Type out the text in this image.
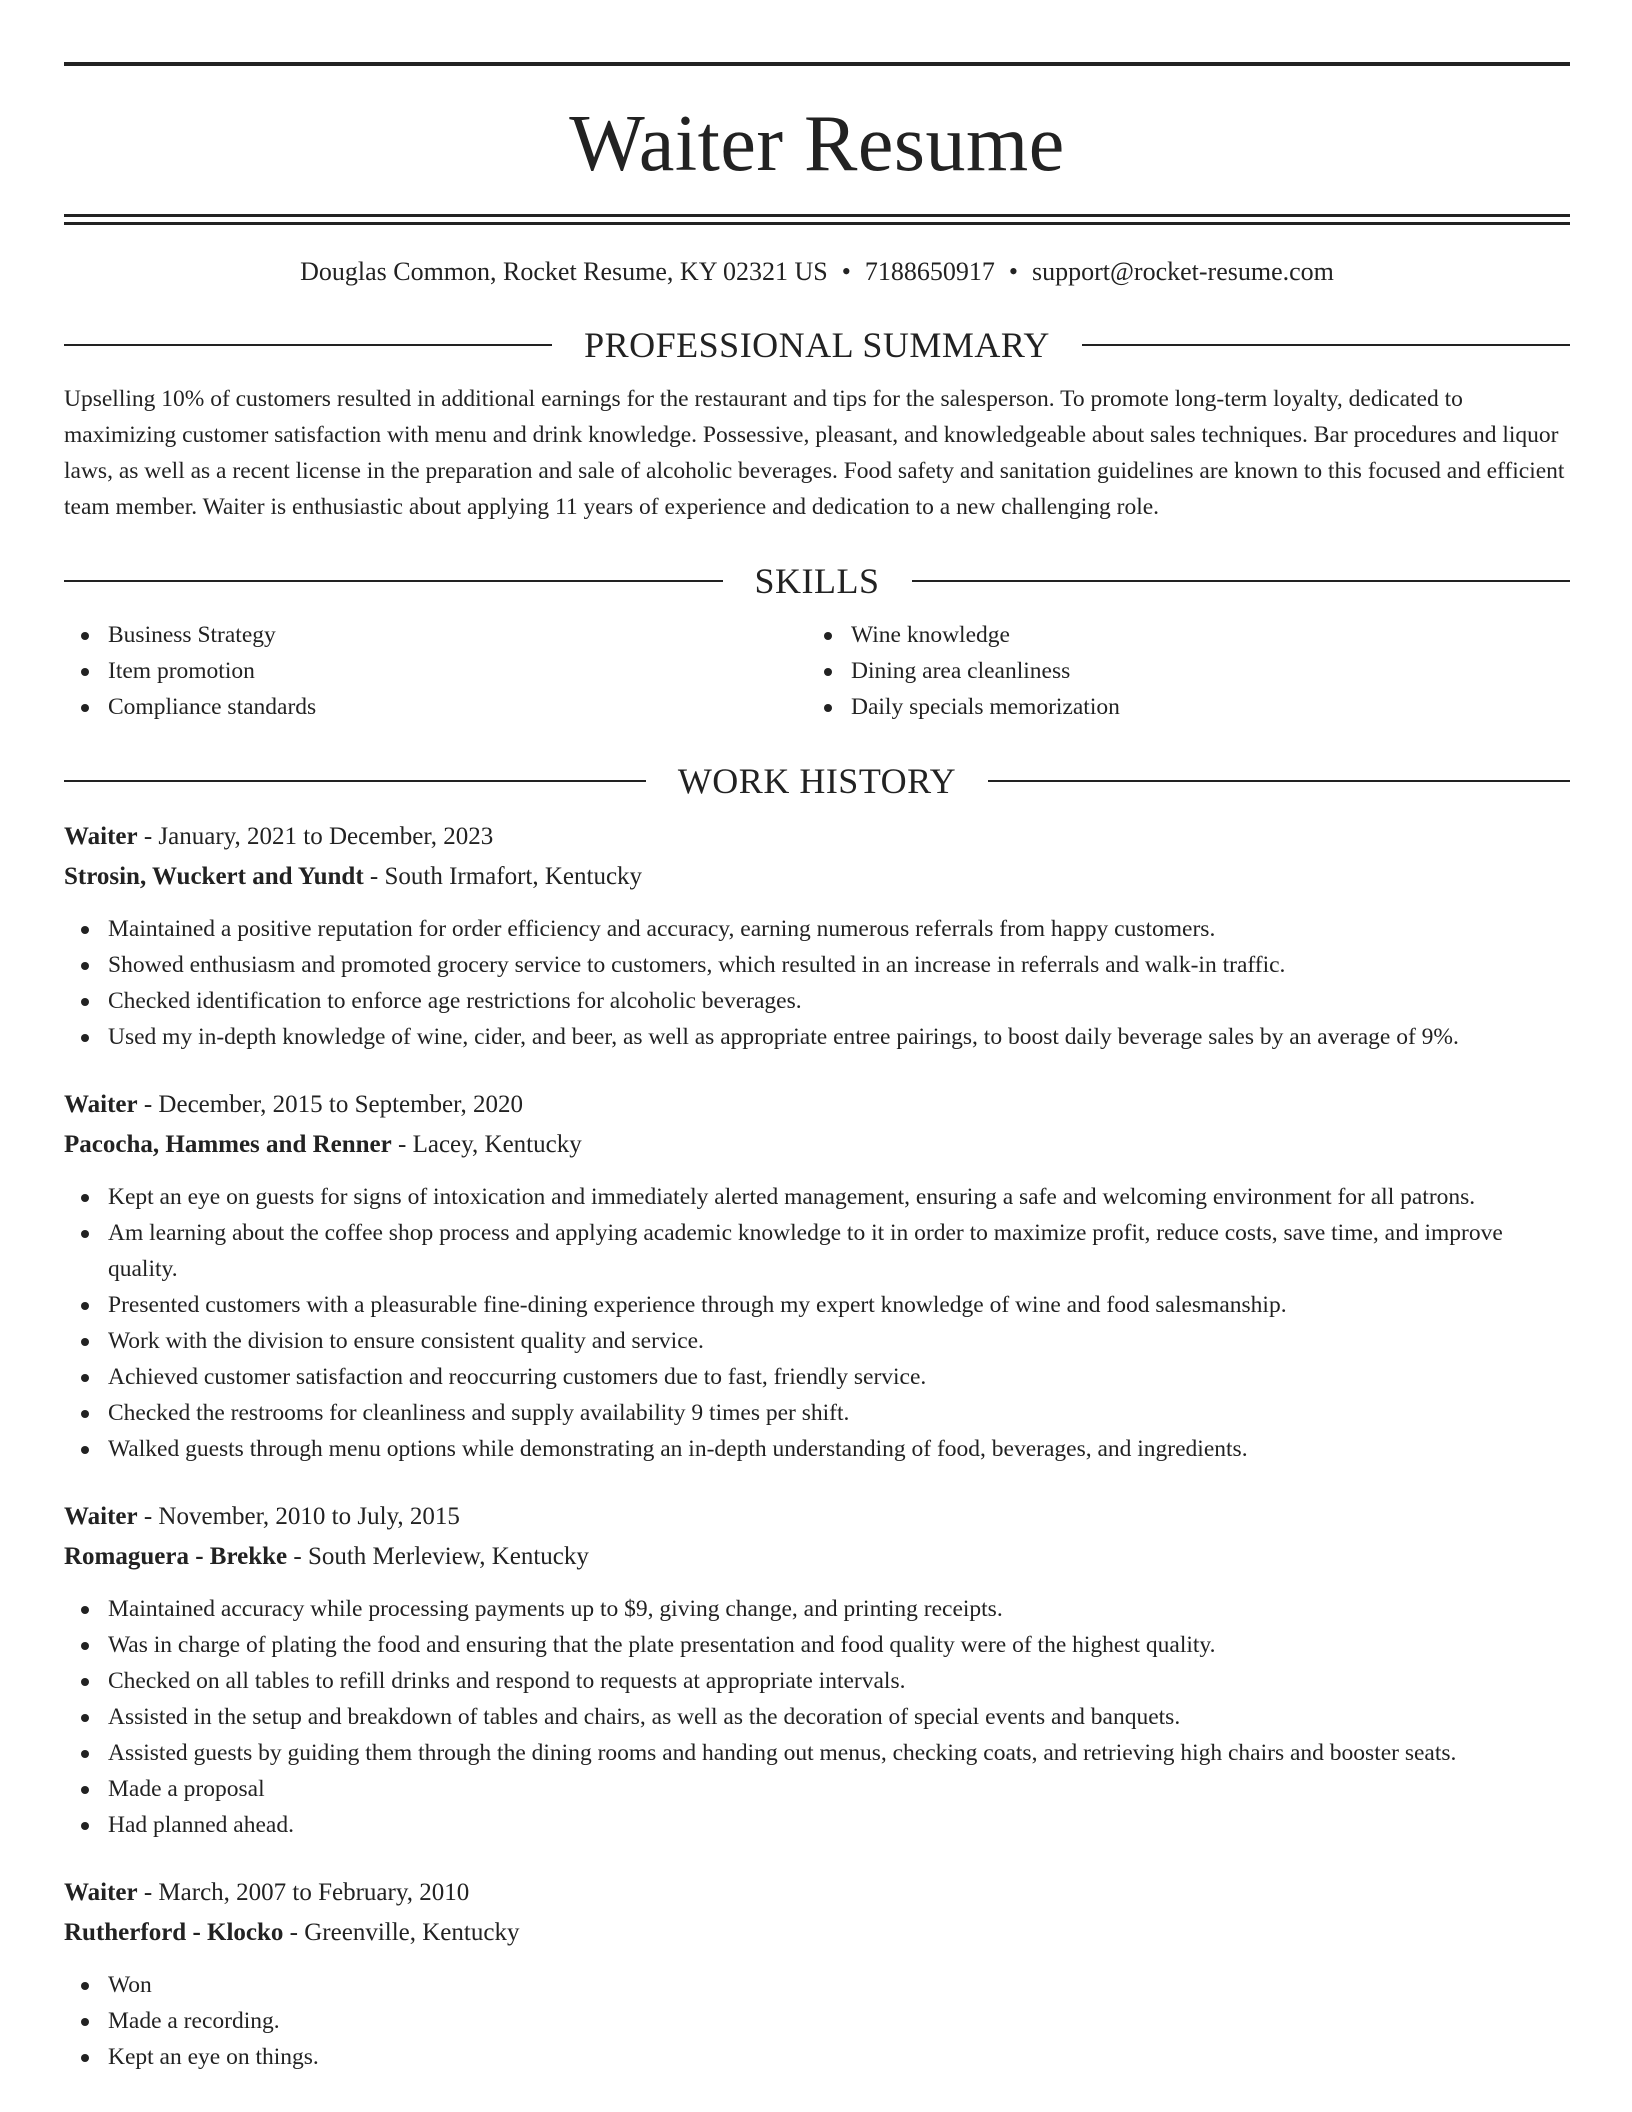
Waiter Resume
Douglas Common, Rocket Resume, KY 02321 US • 7188650917 • support@rocket-resume.com
PROFESSIONAL SUMMARY
Upselling 10% of customers resulted in additional earnings for the restaurant and tips for the salesperson. To promote long-term loyalty, dedicated to maximizing customer satisfaction with menu and drink knowledge. Possessive, pleasant, and knowledgeable about sales techniques. Bar procedures and liquor laws, as well as a recent license in the preparation and sale of alcoholic beverages. Food safety and sanitation guidelines are known to this focused and efficient team member. Waiter is enthusiastic about applying 11 years of experience and dedication to a new challenging role.
SKILLS
Business Strategy
Item promotion
Compliance standards
Wine knowledge
Dining area cleanliness
Daily specials memorization
WORK HISTORY
Waiter - January, 2021 to December, 2023
Strosin, Wuckert and Yundt - South Irmafort, Kentucky
Maintained a positive reputation for order efficiency and accuracy, earning numerous referrals from happy customers.
Showed enthusiasm and promoted grocery service to customers, which resulted in an increase in referrals and walk-in traffic.
Checked identification to enforce age restrictions for alcoholic beverages.
Used my in-depth knowledge of wine, cider, and beer, as well as appropriate entree pairings, to boost daily beverage sales by an average of 9%.
Waiter - December, 2015 to September, 2020
Pacocha, Hammes and Renner - Lacey, Kentucky
Kept an eye on guests for signs of intoxication and immediately alerted management, ensuring a safe and welcoming environment for all patrons.
Am learning about the coffee shop process and applying academic knowledge to it in order to maximize profit, reduce costs, save time, and improve quality.
Presented customers with a pleasurable fine-dining experience through my expert knowledge of wine and food salesmanship.
Work with the division to ensure consistent quality and service.
Achieved customer satisfaction and reoccurring customers due to fast, friendly service.
Checked the restrooms for cleanliness and supply availability 9 times per shift.
Walked guests through menu options while demonstrating an in-depth understanding of food, beverages, and ingredients.
Waiter - November, 2010 to July, 2015
Romaguera - Brekke - South Merleview, Kentucky
Maintained accuracy while processing payments up to $9, giving change, and printing receipts.
Was in charge of plating the food and ensuring that the plate presentation and food quality were of the highest quality.
Checked on all tables to refill drinks and respond to requests at appropriate intervals.
Assisted in the setup and breakdown of tables and chairs, as well as the decoration of special events and banquets.
Assisted guests by guiding them through the dining rooms and handing out menus, checking coats, and retrieving high chairs and booster seats.
Made a proposal
Had planned ahead.
Waiter - March, 2007 to February, 2010
Rutherford - Klocko - Greenville, Kentucky
Won
Made a recording.
Kept an eye on things.
